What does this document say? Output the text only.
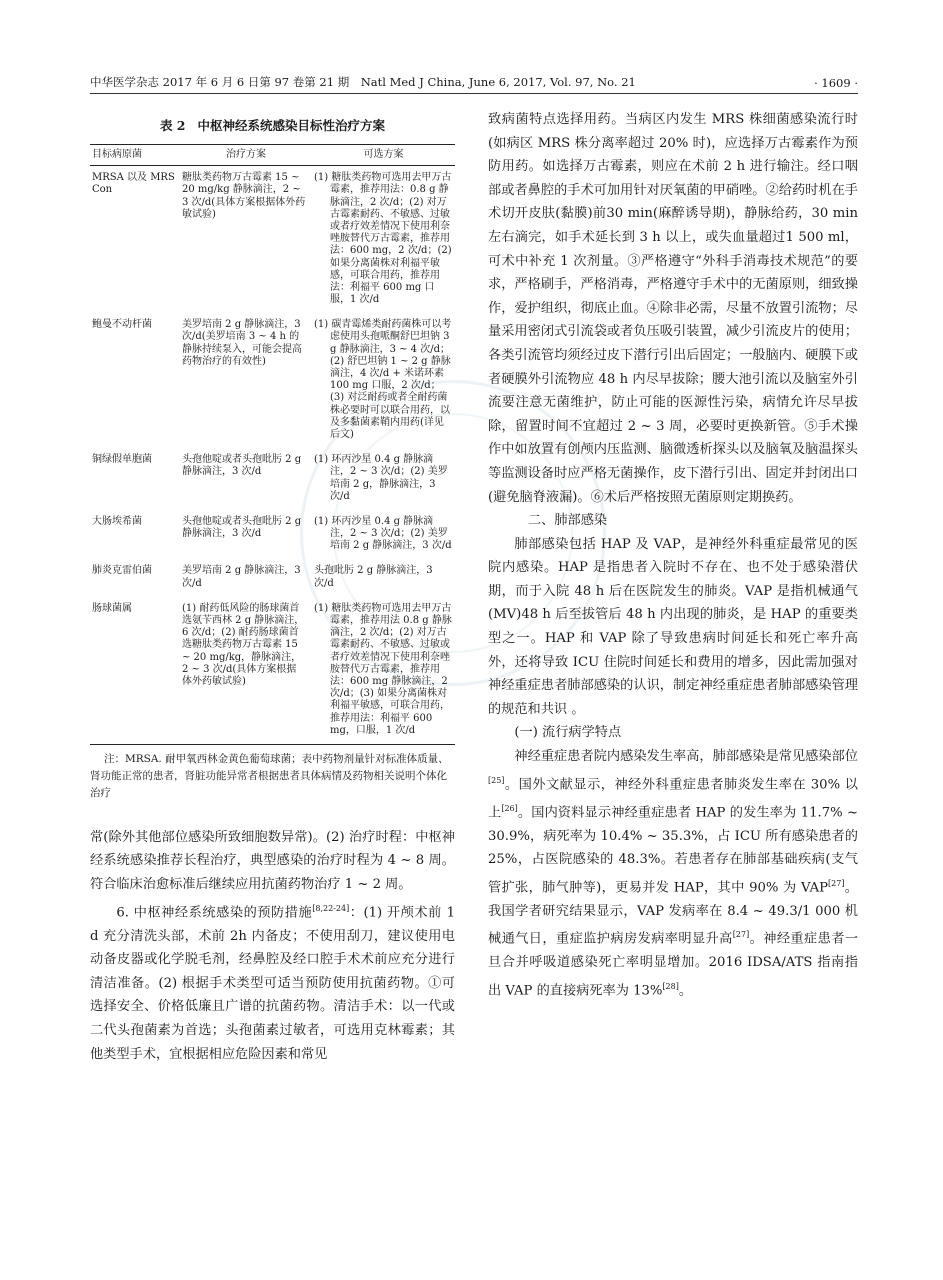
中华医学杂志 2017 年 6 月 6 日第 97 卷第 21 期　Natl Med J China, June 6, 2017, Vol. 97, No. 21	· 1609 ·
表 2 中枢神经系统感染目标性治疗方案
目标病原菌	治疗方案	可选方案
MRSA 以及 MRS Con	糖肽类药物万古霉素 15 ~ 20 mg/kg 静脉滴注，2 ~ 3 次/d(具体方案根据体外药敏试验)	(1) 糖肽类药物可选用去甲万古霉素，推荐用法：0.8 g 静脉滴注，2 次/d；(2) 对万古霉素耐药、不敏感、过敏或者疗效差情况下使用利奈唑胺替代万古霉素，推荐用法：600 mg，2 次/d；(2) 如果分离菌株对利福平敏感，可联合用药，推荐用法：利福平 600 mg 口服，1 次/d

鲍曼不动杆菌	美罗培南 2 g 静脉滴注，3 次/d(美罗培南 3 ~ 4 h 的静脉持续泵入，可能会提高药物治疗的有效性)	(1) 碳青霉烯类耐药菌株可以考虑使用头孢哌酮舒巴坦钠 3 g 静脉滴注，3 ~ 4 次/d；(2) 舒巴坦钠 1 ~ 2 g 静脉滴注，4 次/d + 米诺环素 100 mg 口服，2 次/d；(3) 对泛耐药或者全耐药菌株必要时可以联合用药，以及多黏菌素鞘内用药(详见后文)

铜绿假单胞菌	头孢他啶或者头孢吡肟 2 g 静脉滴注，3 次/d	(1) 环丙沙星 0.4 g 静脉滴注，2 ~ 3 次/d；(2) 美罗培南 2 g，静脉滴注，3 次/d

大肠埃希菌	头孢他啶或者头孢吡肟 2 g 静脉滴注，3 次/d	(1) 环丙沙星 0.4 g 静脉滴注，2 ~ 3 次/d；(2) 美罗培南 2 g 静脉滴注，3 次/d

肺炎克雷伯菌	美罗培南 2 g 静脉滴注，3 次/d	头孢吡肟 2 g 静脉滴注，3 次/d
肠球菌属	(1) 耐药低风险的肠球菌首选氨苄西林 2 g 静脉滴注，6 次/d；(2) 耐药肠球菌首选糖肽类药物万古霉素 15 ~ 20 mg/kg，静脉滴注，2 ~ 3 次/d(具体方案根据体外药敏试验)	(1) 糖肽类药物可选用去甲万古霉素，推荐用法 0.8 g 静脉滴注，2 次/d；(2) 对万古霉素耐药、不敏感、过敏或者疗效差情况下使用利奈唑胺替代万古霉素，推荐用法：600 mg 静脉滴注，2 次/d；(3) 如果分离菌株对利福平敏感，可联合用药，推荐用法：利福平 600 mg，口服，1 次/d
注：MRSA. 耐甲氧西林金黄色葡萄球菌；表中药物剂量针对标准体质量、肾功能正常的患者，肾脏功能异常者根据患者具体病情及药物相关说明个体化治疗

常(除外其他部位感染所致细胞数异常)。(2) 治疗时程：中枢神经系统感染推荐长程治疗，典型感染的治疗时程为 4 ~ 8 周。符合临床治愈标准后继续应用抗菌药物治疗 1 ~ 2 周。

6. 中枢神经系统感染的预防措施[8,22-24]：(1) 开颅术前 1 d 充分清洗头部，术前 2h 内备皮；不使用刮刀，建议使用电动备皮器或化学脱毛剂，经鼻腔及经口腔手术术前应充分进行清洁准备。(2) 根据手术类型可适当预防使用抗菌药物。①可选择安全、价格低廉且广谱的抗菌药物。清洁手术：以一代或二代头孢菌素为首选；头孢菌素过敏者，可选用克林霉素；其他类型手术，宜根据相应危险因素和常见

致病菌特点选择用药。当病区内发生 MRS 株细菌感染流行时(如病区 MRS 株分离率超过 20% 时)，应选择万古霉素作为预防用药。如选择万古霉素，则应在术前 2 h 进行输注。经口咽部或者鼻腔的手术可加用针对厌氧菌的甲硝唑。②给药时机在手术切开皮肤(黏膜)前30 min(麻醉诱导期)，静脉给药，30 min 左右滴完，如手术延长到 3 h 以上，或失血量超过1 500 ml，可术中补充 1 次剂量。③严格遵守“外科手消毒技术规范”的要求，严格刷手，严格消毒，严格遵守手术中的无菌原则，细致操作，爱护组织，彻底止血。④除非必需，尽量不放置引流物；尽量采用密闭式引流袋或者负压吸引装置，减少引流皮片的使用；各类引流管均须经过皮下潜行引出后固定；一般脑内、硬膜下或者硬膜外引流物应 48 h 内尽早拔除；腰大池引流以及脑室外引流要注意无菌维护，防止可能的医源性污染，病情允许尽早拔除，留置时间不宜超过 2 ~ 3 周，必要时更换新管。⑤手术操作中如放置有创颅内压监测、脑微透析探头以及脑氧及脑温探头等监测设备时应严格无菌操作，皮下潜行引出、固定并封闭出口(避免脑脊液漏)。⑥术后严格按照无菌原则定期换药。

二、肺部感染

肺部感染包括 HAP 及 VAP，是神经外科重症最常见的医院内感染。HAP 是指患者入院时不存在、也不处于感染潜伏期，而于入院 48 h 后在医院发生的肺炎。VAP 是指机械通气(MV)48 h 后至拔管后 48 h 内出现的肺炎，是 HAP 的重要类型之一。HAP 和 VAP 除了导致患病时间延长和死亡率升高外，还将导致 ICU 住院时间延长和费用的增多，因此需加强对神经重症患者肺部感染的认识，制定神经重症患者肺部感染管理的规范和共识 。

(一) 流行病学特点

神经重症患者院内感染发生率高，肺部感染是常见感染部位[25]。国外文献显示，神经外科重症患者肺炎发生率在 30% 以上[26]。国内资料显示神经重症患者 HAP 的发生率为 11.7% ~ 30.9%，病死率为 10.4% ~ 35.3%，占 ICU 所有感染患者的 25%，占医院感染的 48.3%。若患者存在肺部基础疾病(支气管扩张，肺气肿等)，更易并发 HAP，其中 90% 为 VAP[27]。我国学者研究结果显示，VAP 发病率在 8.4 ~ 49.3/1 000 机械通气日，重症监护病房发病率明显升高[27]。神经重症患者一旦合并呼吸道感染死亡率明显增加。2016 IDSA/ATS 指南指出 VAP 的直接病死率为 13%[28]。
